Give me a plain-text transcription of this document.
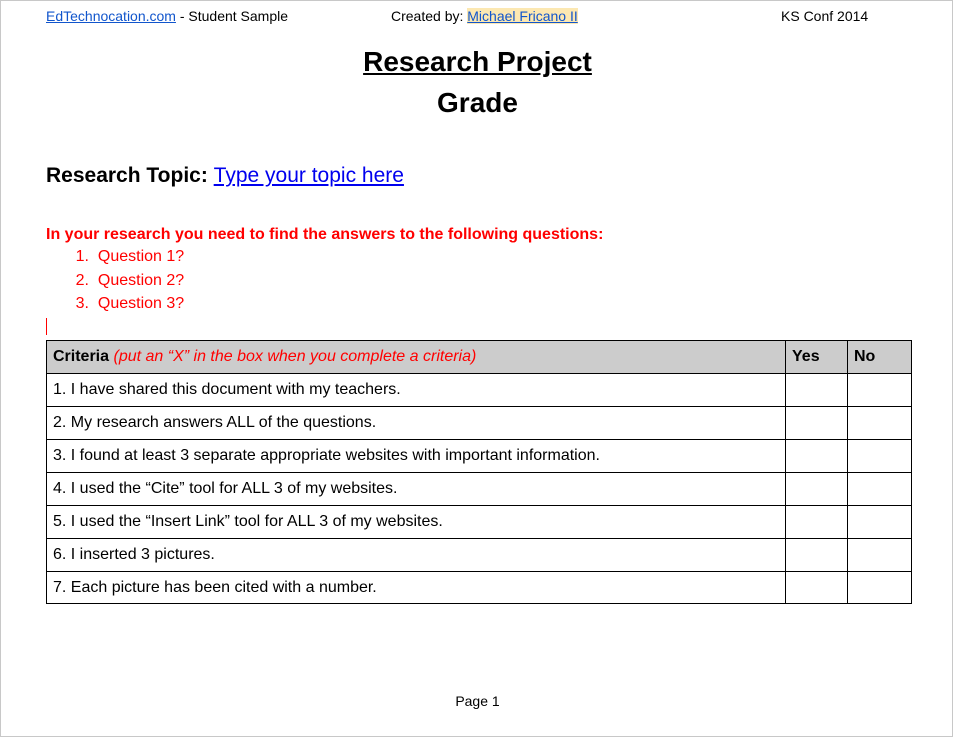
EdTechnocation.com - Student Sample	Created by: Michael Fricano II	KS Conf 2014
Research Project
Grade
Research Topic: Type your topic here
In your research you need to find the answers to the following questions:
1. Question 1?
2. Question 2?
3. Question 3?
Criteria (put an “X” in the box when you complete a criteria)	Yes	No
1. I have shared this document with my teachers.		
2. My research answers ALL of the questions.		
3. I found at least 3 separate appropriate websites with important information.		
4. I used the “Cite” tool for ALL 3 of my websites.		
5. I used the “Insert Link” tool for ALL 3 of my websites.		
6. I inserted 3 pictures.		
7. Each picture has been cited with a number.		
Page 1
